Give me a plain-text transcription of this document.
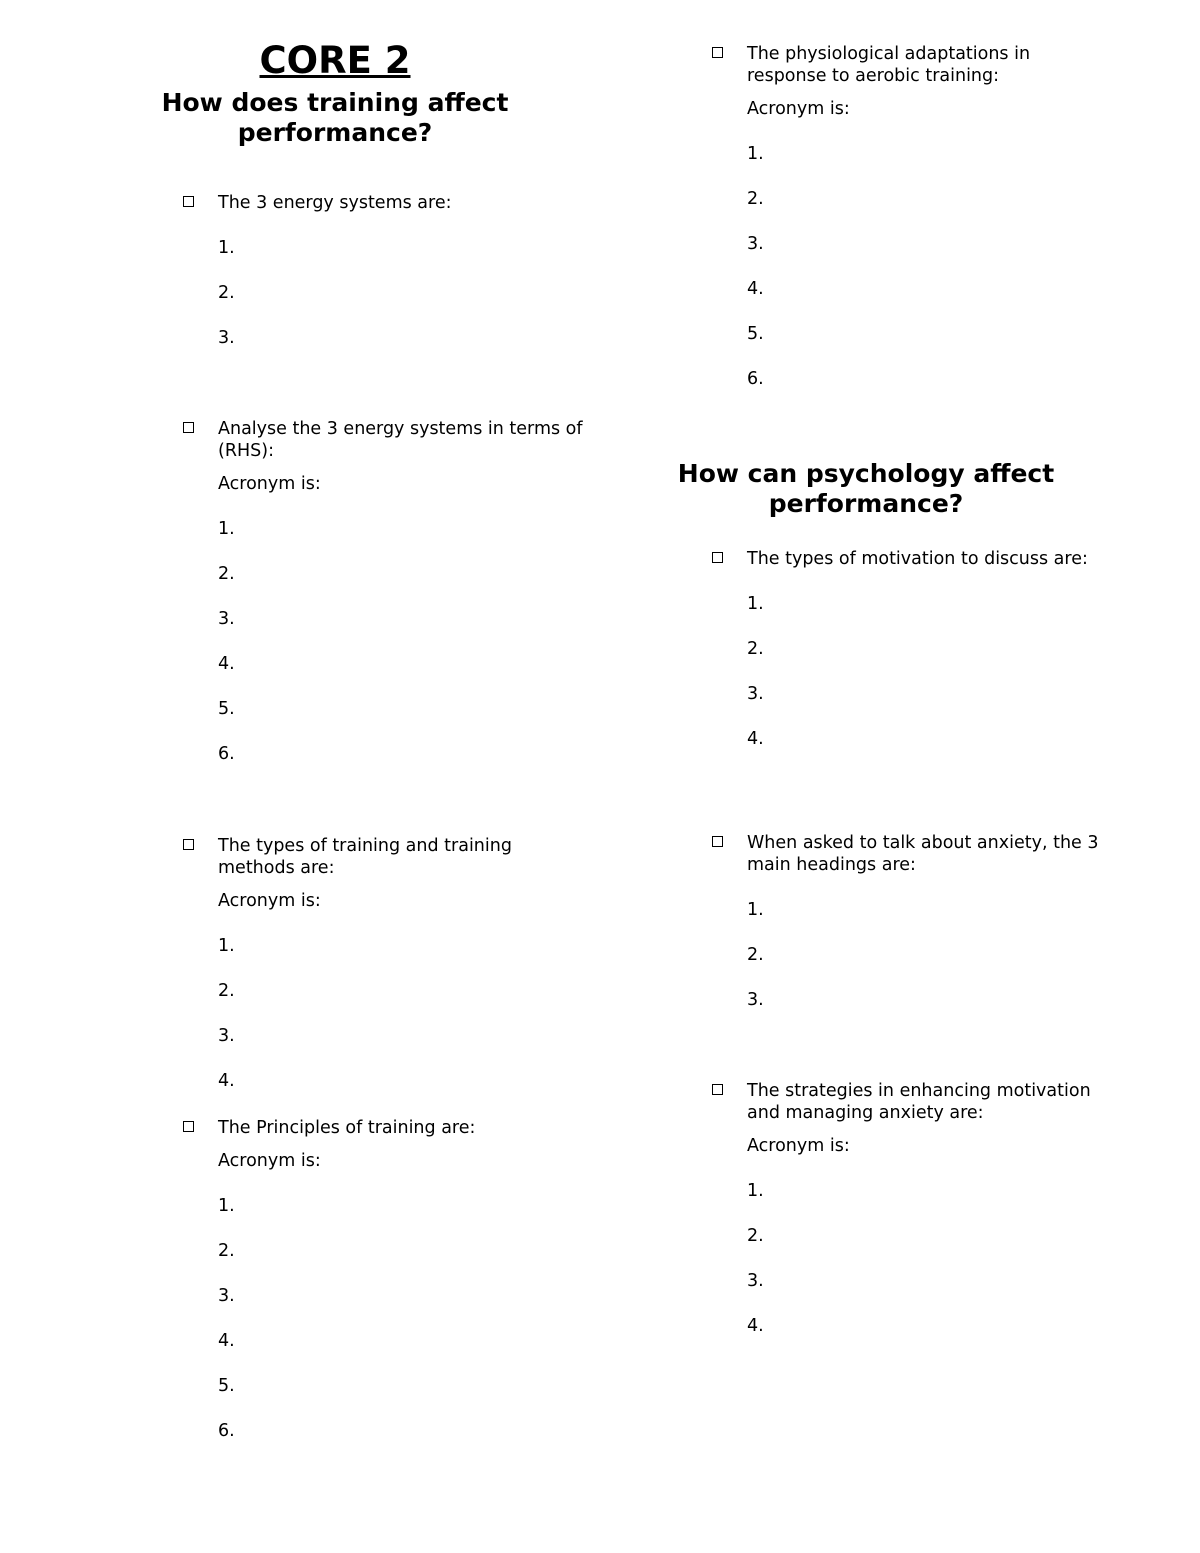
CORE 2
How does training affect performance?
How can psychology affect performance?
The 3 energy systems are:
1.
2.
3.
Analyse the 3 energy systems in terms of (RHS):
Acronym is:
1.
2.
3.
4.
5.
6.
The types of training and training methods are:
Acronym is:
1.
2.
3.
4.
The Principles of training are:
Acronym is:
1.
2.
3.
4.
5.
6.
The physiological adaptations in response to aerobic training:
Acronym is:
1.
2.
3.
4.
5.
6.
The types of motivation to discuss are:
1.
2.
3.
4.
When asked to talk about anxiety, the 3 main headings are:
1.
2.
3.
The strategies in enhancing motivation and managing anxiety are:
Acronym is:
1.
2.
3.
4.
